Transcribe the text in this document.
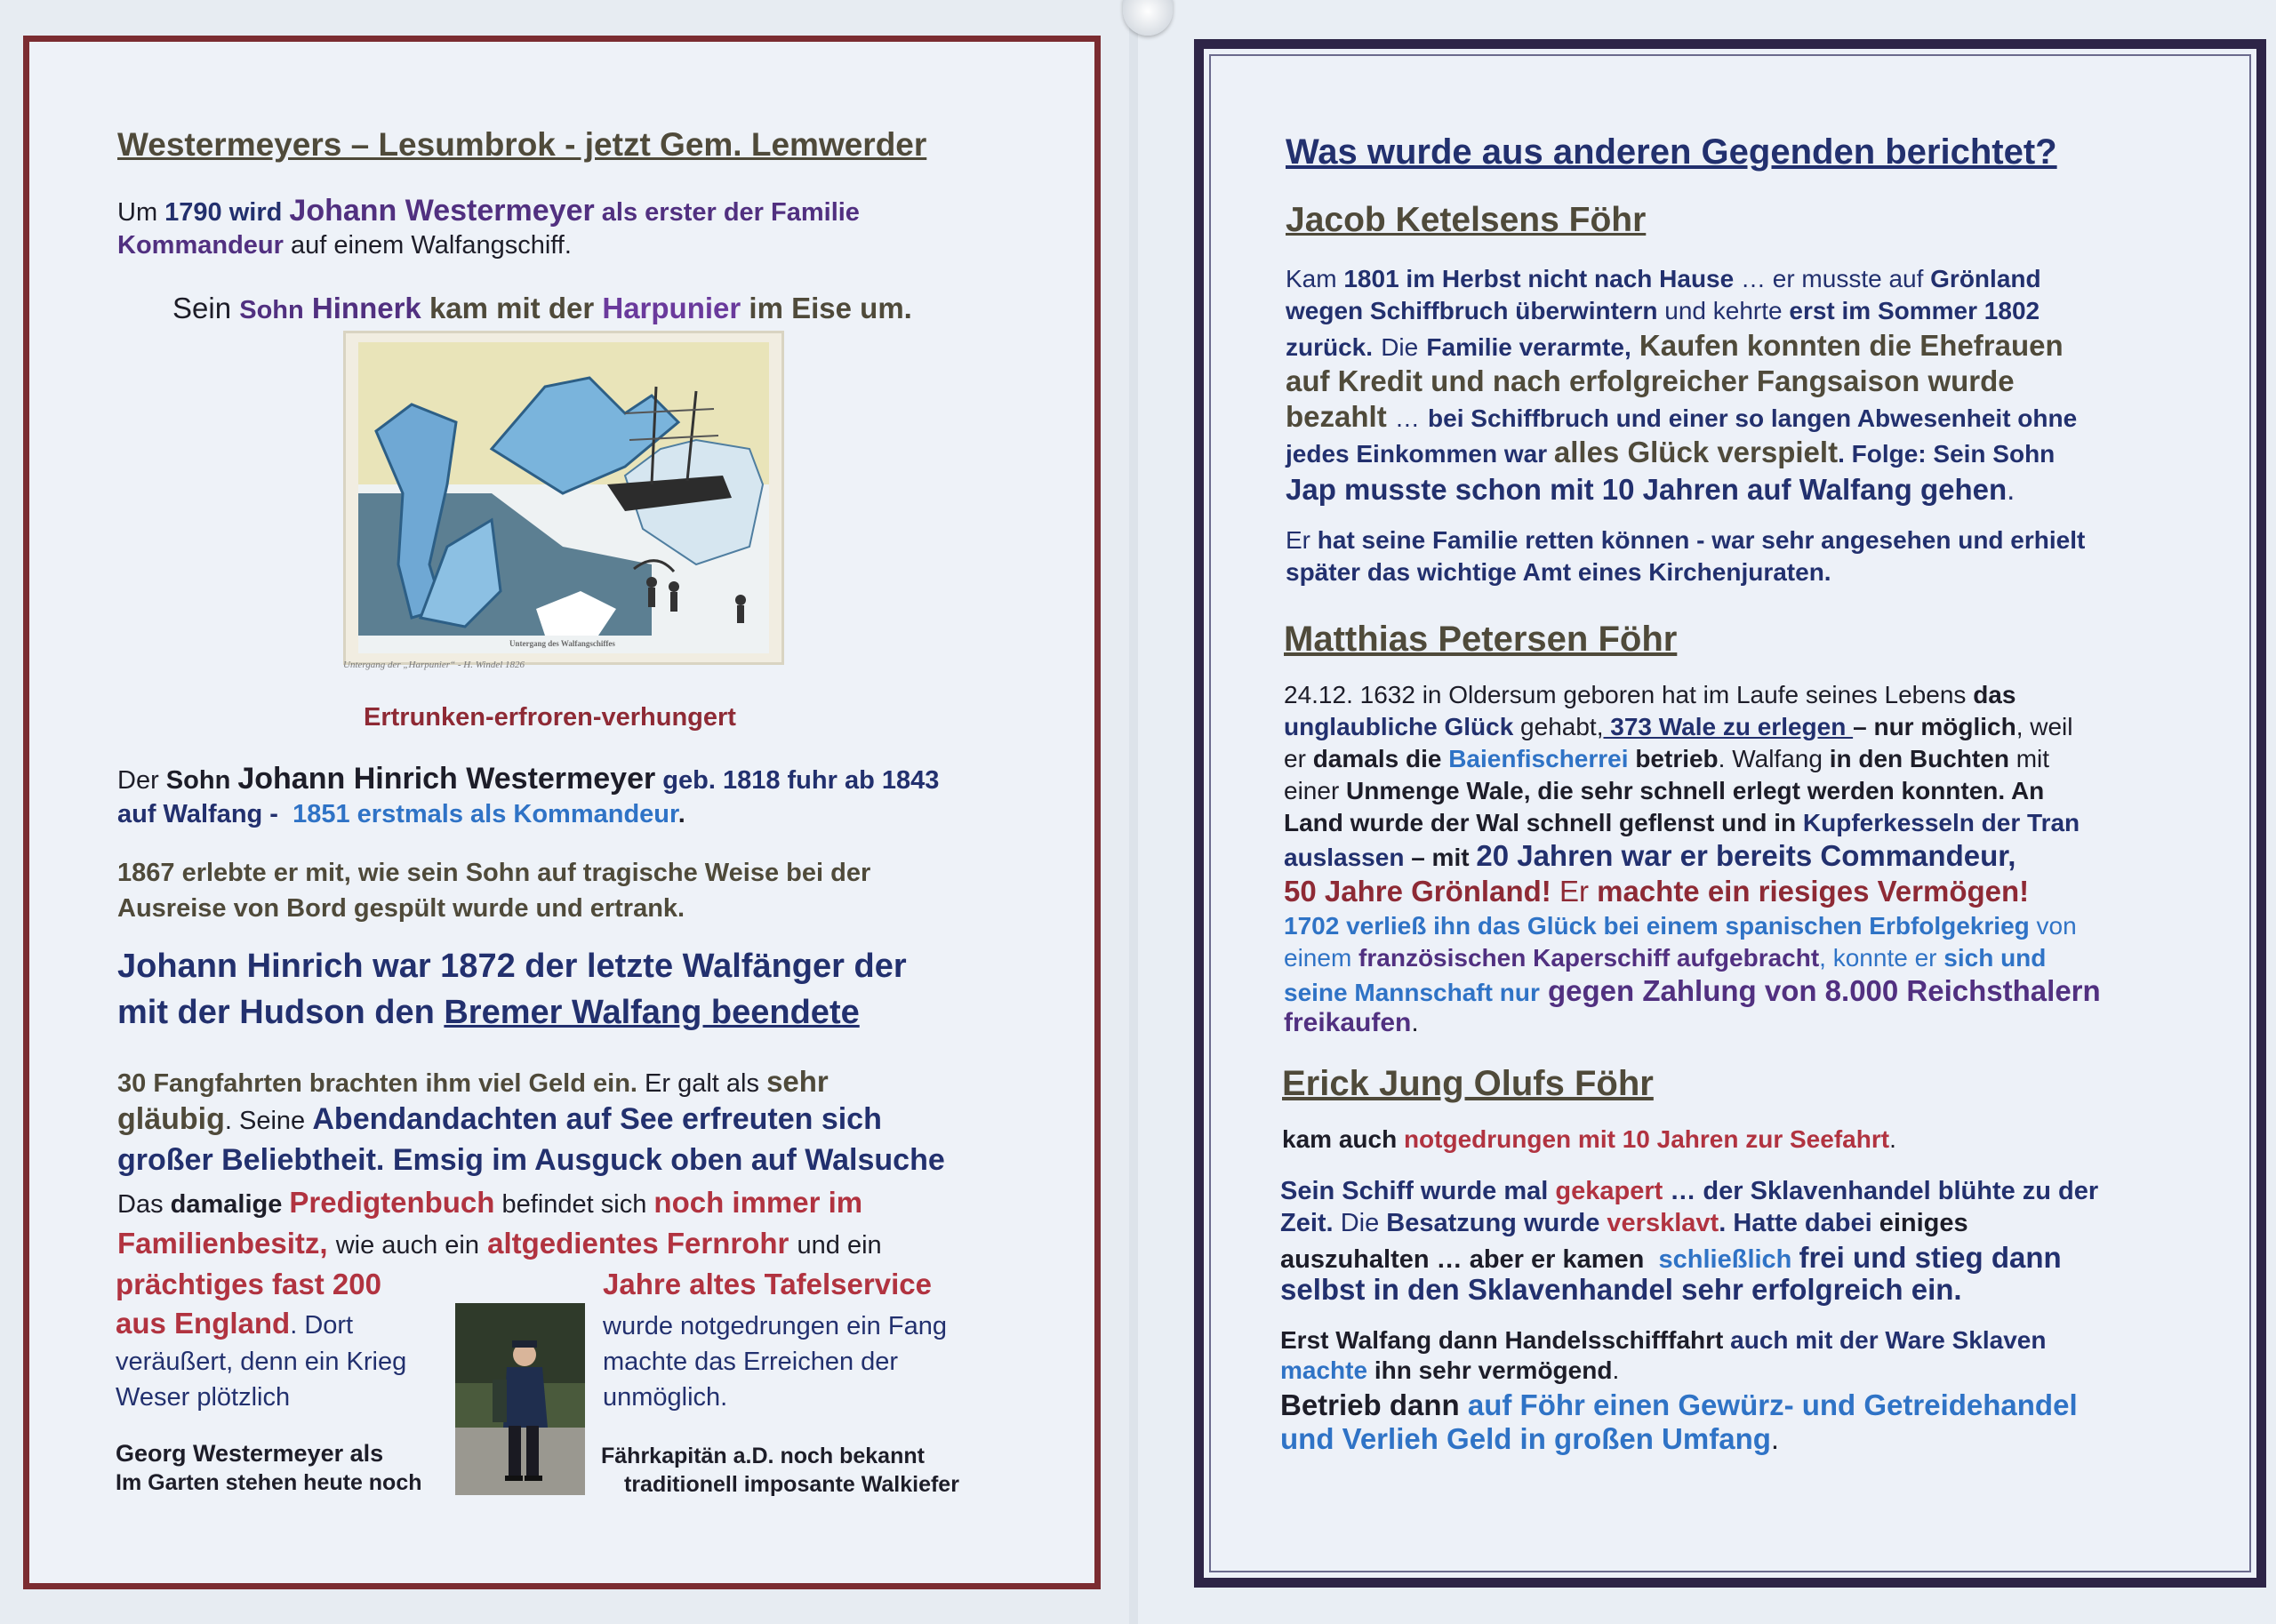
Westermeyers – Lesumbrok - jetzt Gem. Lemwerder
Um 1790 wird Johann Westermeyer als erster der Familie
Kommandeur auf einem Walfangschiff.
Sein Sohn Hinnerk kam mit der Harpunier im Eise um.
Untergang des Walfangschiffes
Untergang der „Harpunier“ - H. Windel 1826
Ertrunken-erfroren-verhungert
Der Sohn Johann Hinrich Westermeyer geb. 1818 fuhr ab 1843
auf Walfang - 1851 erstmals als Kommandeur.
1867 erlebte er mit, wie sein Sohn auf tragische Weise bei der
Ausreise von Bord gespült wurde und ertrank.
Johann Hinrich war 1872 der letzte Walfänger der
mit der Hudson den Bremer Walfang beendete
30 Fangfahrten brachten ihm viel Geld ein. Er galt als sehr
gläubig. Seine Abendandachten auf See erfreuten sich
großer Beliebtheit. Emsig im Ausguck oben auf Walsuche
Das damalige Predigtenbuch befindet sich noch immer im
Familienbesitz, wie auch ein altgedientes Fernrohr und ein
prächtiges fast 200
aus England. Dort
veräußert, denn ein Krieg
Weser plötzlich
Georg Westermeyer als
Im Garten stehen heute noch
Jahre altes Tafelservice
wurde notgedrungen ein Fang
machte das Erreichen der
unmöglich.
Fährkapitän a.D. noch bekannt
traditionell imposante Walkiefer
Was wurde aus anderen Gegenden berichtet?
Jacob Ketelsens Föhr
Kam 1801 im Herbst nicht nach Hause … er musste auf Grönland
wegen Schiffbruch überwintern und kehrte erst im Sommer 1802
zurück. Die Familie verarmte, Kaufen konnten die Ehefrauen
auf Kredit und nach erfolgreicher Fangsaison wurde
bezahlt … bei Schiffbruch und einer so langen Abwesenheit ohne
jedes Einkommen war alles Glück verspielt. Folge: Sein Sohn
Jap musste schon mit 10 Jahren auf Walfang gehen.
Er hat seine Familie retten können - war sehr angesehen und erhielt
später das wichtige Amt eines Kirchenjuraten.
Matthias Petersen Föhr
24.12. 1632 in Oldersum geboren hat im Laufe seines Lebens das
unglaubliche Glück gehabt, 373 Wale zu erlegen – nur möglich, weil
er damals die Baienfischerrei betrieb. Walfang in den Buchten mit
einer Unmenge Wale, die sehr schnell erlegt werden konnten. An
Land wurde der Wal schnell geflenst und in Kupferkesseln der Tran
auslassen – mit 20 Jahren war er bereits Commandeur,
50 Jahre Grönland! Er machte ein riesiges Vermögen!
1702 verließ ihn das Glück bei einem spanischen Erbfolgekrieg von
einem französischen Kaperschiff aufgebracht, konnte er sich und
seine Mannschaft nur gegen Zahlung von 8.000 Reichsthalern
freikaufen.
Erick Jung Olufs Föhr
kam auch notgedrungen mit 10 Jahren zur Seefahrt.
Sein Schiff wurde mal gekapert … der Sklavenhandel blühte zu der
Zeit. Die Besatzung wurde versklavt. Hatte dabei einiges
auszuhalten … aber er kamen schließlich frei und stieg dann
selbst in den Sklavenhandel sehr erfolgreich ein.
Erst Walfang dann Handelsschifffahrt auch mit der Ware Sklaven
machte ihn sehr vermögend.
Betrieb dann auf Föhr einen Gewürz- und Getreidehandel
und Verlieh Geld in großen Umfang.
